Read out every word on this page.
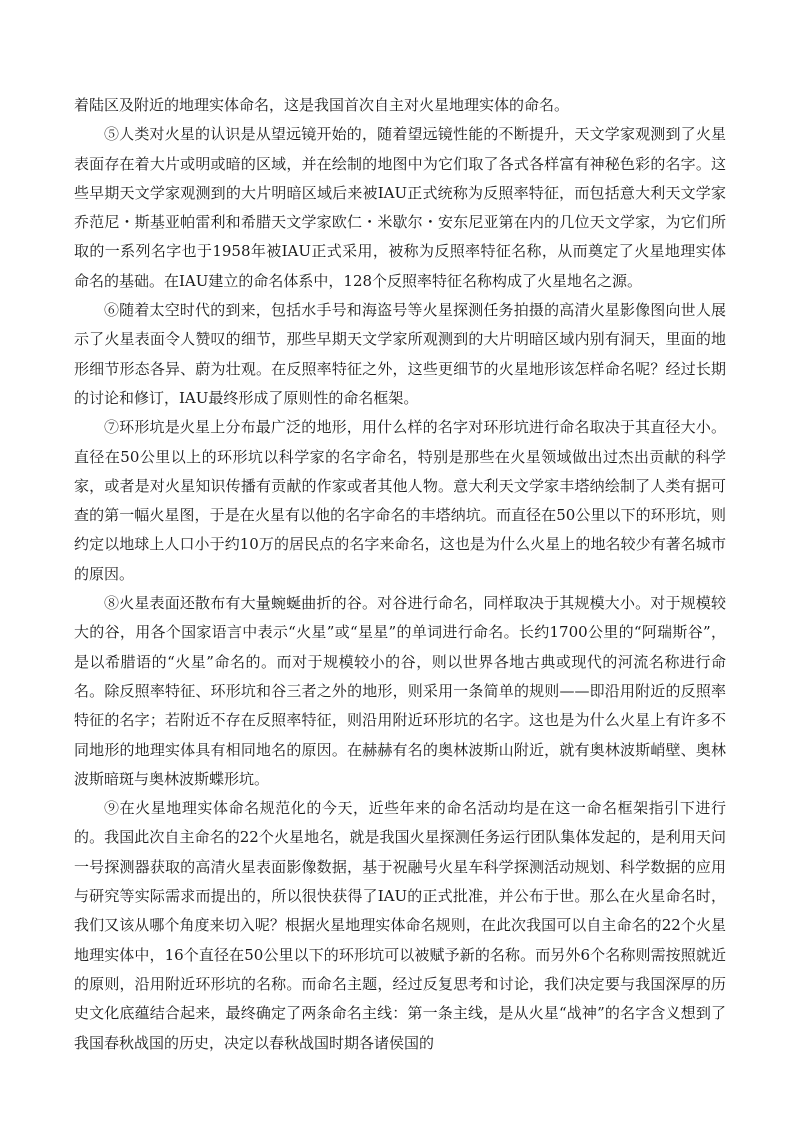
着陆区及附近的地理实体命名，这是我国首次自主对火星地理实体的命名。

⑤人类对火星的认识是从望远镜开始的，随着望远镜性能的不断提升，天文学家观测到了火星表面存在着大片或明或暗的区域，并在绘制的地图中为它们取了各式各样富有神秘色彩的名字。这些早期天文学家观测到的大片明暗区域后来被IAU正式统称为反照率特征，而包括意大利天文学家乔范尼・斯基亚帕雷利和希腊天文学家欧仁・米歇尔・安东尼亚第在内的几位天文学家，为它们所取的一系列名字也于1958年被IAU正式采用，被称为反照率特征名称，从而奠定了火星地理实体命名的基础。在IAU建立的命名体系中，128个反照率特征名称构成了火星地名之源。

⑥随着太空时代的到来，包括水手号和海盗号等火星探测任务拍摄的高清火星影像图向世人展示了火星表面令人赞叹的细节，那些早期天文学家所观测到的大片明暗区域内别有洞天，里面的地形细节形态各异、蔚为壮观。在反照率特征之外，这些更细节的火星地形该怎样命名呢？经过长期的讨论和修订，IAU最终形成了原则性的命名框架。

⑦环形坑是火星上分布最广泛的地形，用什么样的名字对环形坑进行命名取决于其直径大小。直径在50公里以上的环形坑以科学家的名字命名，特别是那些在火星领域做出过杰出贡献的科学家，或者是对火星知识传播有贡献的作家或者其他人物。意大利天文学家丰塔纳绘制了人类有据可查的第一幅火星图，于是在火星有以他的名字命名的丰塔纳坑。而直径在50公里以下的环形坑，则约定以地球上人口小于约10万的居民点的名字来命名，这也是为什么火星上的地名较少有著名城市的原因。

⑧火星表面还散布有大量蜿蜒曲折的谷。对谷进行命名，同样取决于其规模大小。对于规模较大的谷，用各个国家语言中表示“火星”或“星星”的单词进行命名。长约1700公里的“阿瑞斯谷”，是以希腊语的“火星”命名的。而对于规模较小的谷，则以世界各地古典或现代的河流名称进行命名。除反照率特征、环形坑和谷三者之外的地形，则采用一条简单的规则——即沿用附近的反照率特征的名字；若附近不存在反照率特征，则沿用附近环形坑的名字。这也是为什么火星上有许多不同地形的地理实体具有相同地名的原因。在赫赫有名的奥林波斯山附近，就有奥林波斯峭壁、奥林波斯暗斑与奥林波斯蝶形坑。

⑨在火星地理实体命名规范化的今天，近些年来的命名活动均是在这一命名框架指引下进行的。我国此次自主命名的22个火星地名，就是我国火星探测任务运行团队集体发起的，是利用天问一号探测器获取的高清火星表面影像数据，基于祝融号火星车科学探测活动规划、科学数据的应用与研究等实际需求而提出的，所以很快获得了IAU的正式批准，并公布于世。那么在火星命名时，我们又该从哪个角度来切入呢？根据火星地理实体命名规则，在此次我国可以自主命名的22个火星地理实体中，16个直径在50公里以下的环形坑可以被赋予新的名称。而另外6个名称则需按照就近的原则，沿用附近环形坑的名称。而命名主题，经过反复思考和讨论，我们决定要与我国深厚的历史文化底蕴结合起来，最终确定了两条命名主线：第一条主线，是从火星“战神”的名字含义想到了我国春秋战国的历史，决定以春秋战国时期各诸侯国的
